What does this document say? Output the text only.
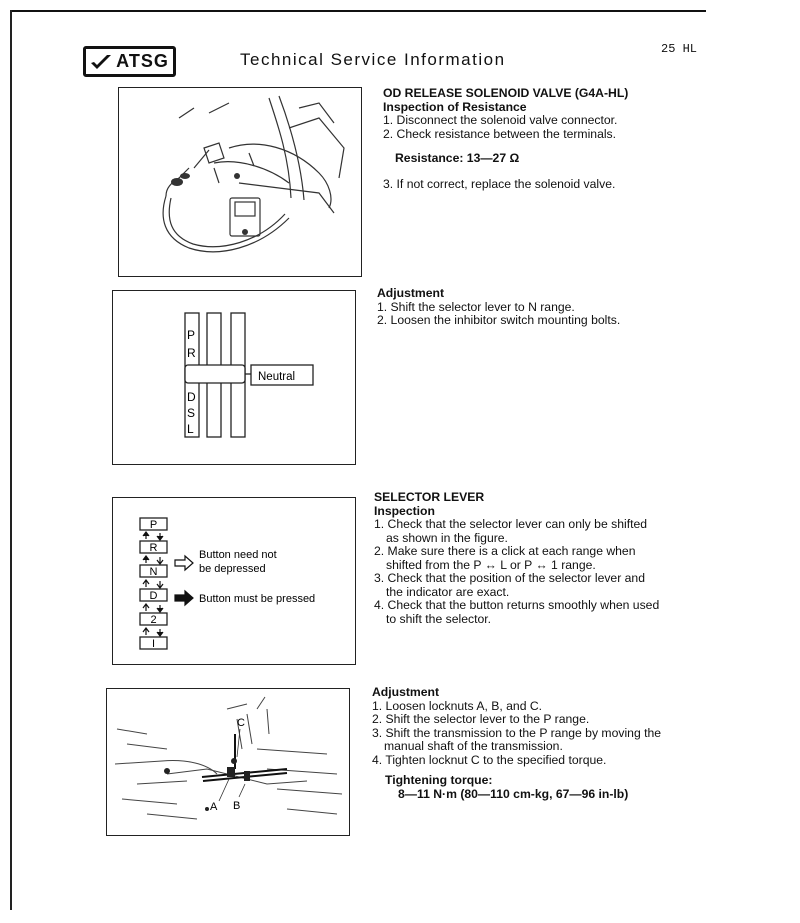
ATSG	Technical Service Information
25 HL
OD RELEASE SOLENOID VALVE (G4A-HL)
Inspection of Resistance
1. Disconnect the solenoid valve connector.
2. Check resistance between the terminals.
Resistance: 13—27 Ω
3. If not correct, replace the solenoid valve.
P
R
D
S
L
Neutral
Adjustment
1. Shift the selector lever to N range.
2. Loosen the inhibitor switch mounting bolts.
P
R
N
D
2
I
Button need not
be depressed
Button must be pressed
SELECTOR LEVER
Inspection
1. Check that the selector lever can only be shifted as shown in the figure.
2. Make sure there is a click at each range when shifted from the P ↔ L or P ↔ 1 range.
3. Check that the position of the selector lever and the indicator are exact.
4. Check that the button returns smoothly when used to shift the selector.
A B
C
Adjustment
1. Loosen locknuts A, B, and C.
2. Shift the selector lever to the P range.
3. Shift the transmission to the P range by moving the manual shaft of the transmission.
4. Tighten locknut C to the specified torque.
Tightening torque:
8—11 N·m (80—110 cm-kg, 67—96 in-lb)
